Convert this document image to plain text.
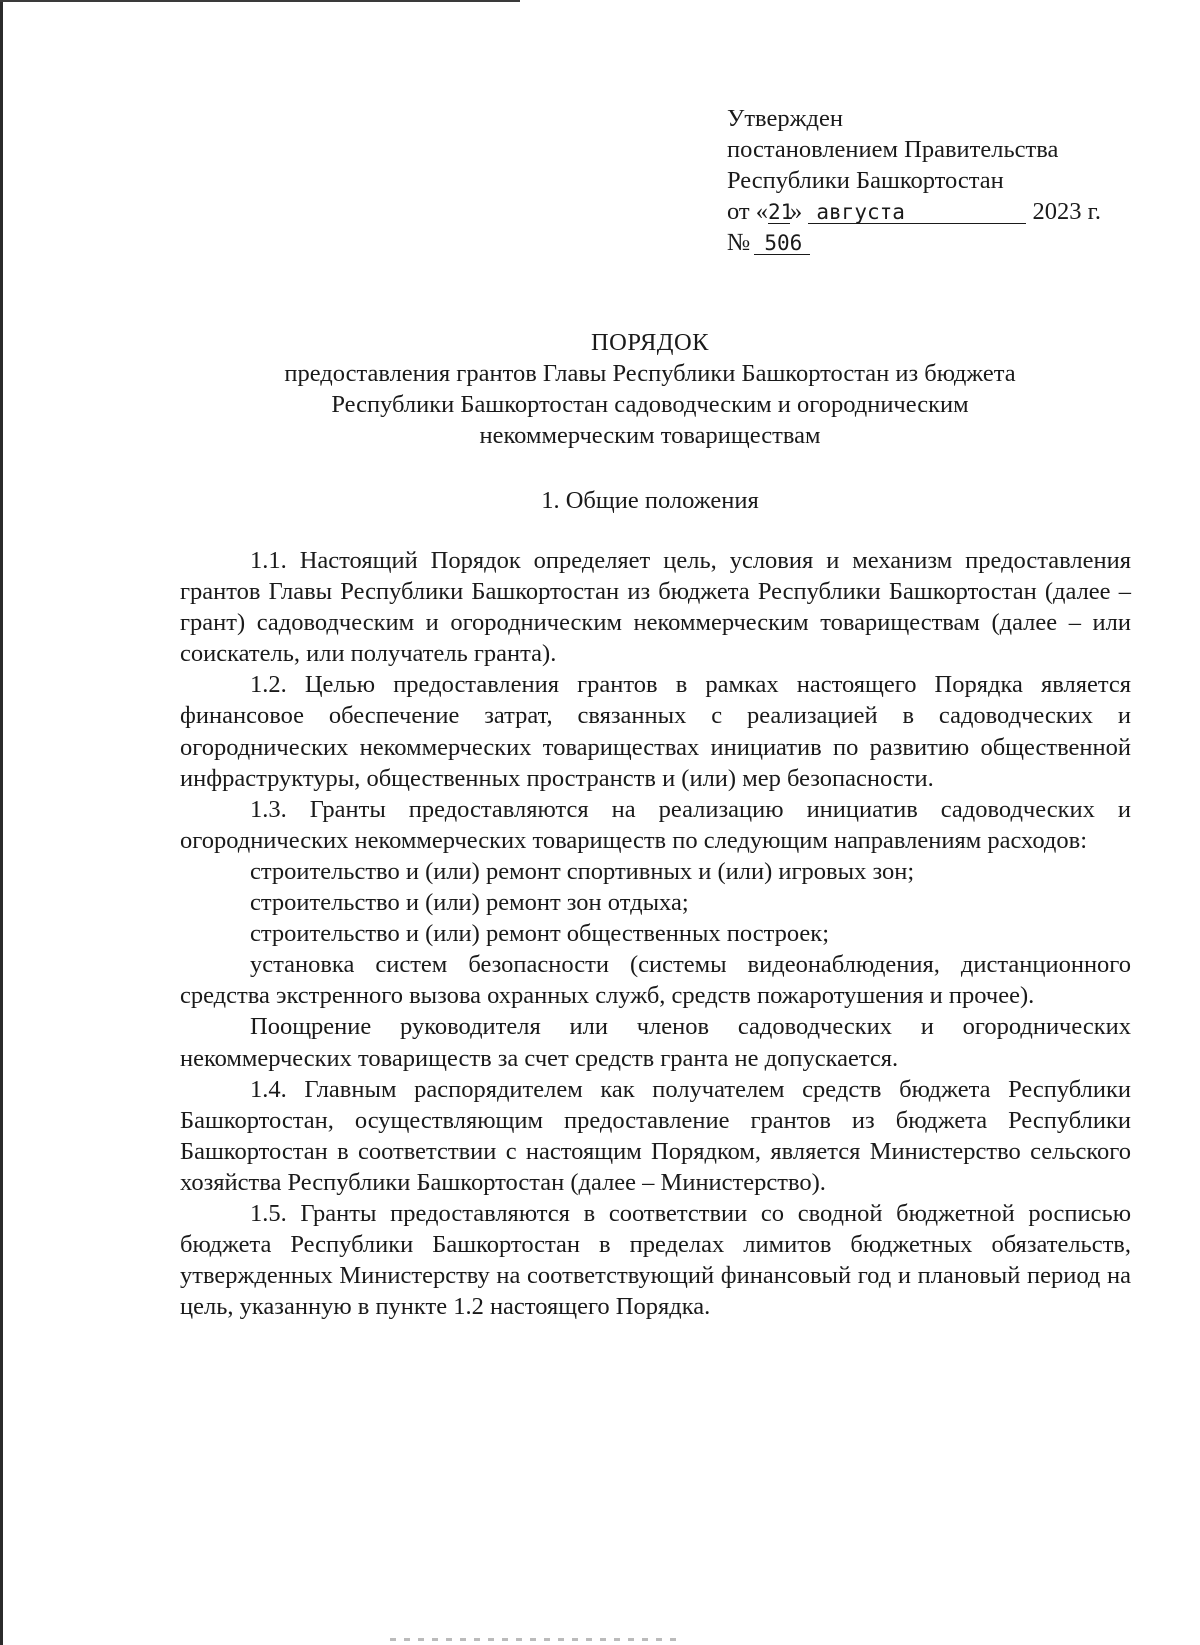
Утвержден
постановлением Правительства
Республики Башкортостан
от «21» августа	2023 г.
№ 506
ПОРЯДОК
предоставления грантов Главы Республики Башкортостан из бюджета
Республики Башкортостан садоводческим и огородническим
некоммерческим товариществам
1. Общие положения

1.1. Настоящий Порядок определяет цель, условия и механизм предоставления грантов Главы Республики Башкортостан из бюджета Республики Башкортостан (далее – грант) садоводческим и огородническим некоммерческим товариществам (далее – или соискатель, или получатель гранта).

1.2. Целью предоставления грантов в рамках настоящего Порядка является финансовое обеспечение затрат, связанных с реализацией в садоводческих и огороднических некоммерческих товариществах инициатив по развитию общественной инфраструктуры, общественных пространств и (или) мер безопасности.

1.3. Гранты предоставляются на реализацию инициатив садоводческих и огороднических некоммерческих товариществ по следующим направлениям расходов:

строительство и (или) ремонт спортивных и (или) игровых зон;

строительство и (или) ремонт зон отдыха;

строительство и (или) ремонт общественных построек;

установка систем безопасности (системы видеонаблюдения, дистанционного средства экстренного вызова охранных служб, средств пожаротушения и прочее).

Поощрение руководителя или членов садоводческих и огороднических некоммерческих товариществ за счет средств гранта не допускается.

1.4. Главным распорядителем как получателем средств бюджета Республики Башкортостан, осуществляющим предоставление грантов из бюджета Республики Башкортостан в соответствии с настоящим Порядком, является Министерство сельского хозяйства Республики Башкортостан (далее – Министерство).

1.5. Гранты предоставляются в соответствии со сводной бюджетной росписью бюджета Республики Башкортостан в пределах лимитов бюджетных обязательств, утвержденных Министерству на соответствующий финансовый год и плановый период на цель, указанную в пункте 1.2 настоящего Порядка.
